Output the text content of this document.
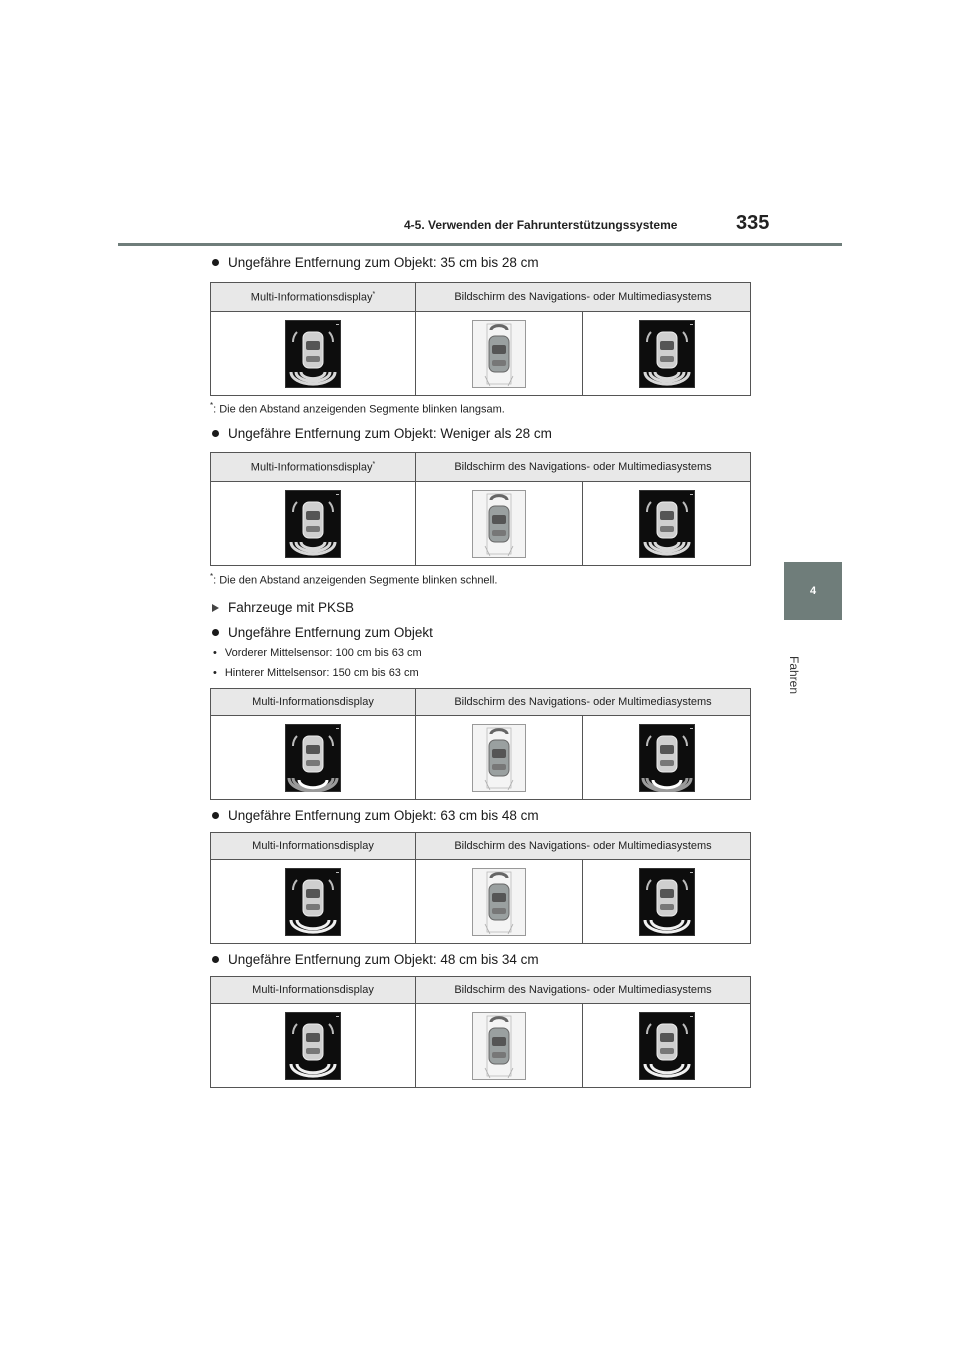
4-5. Verwenden der Fahrunterstützungssysteme	335
4
Fahren
Ungefähre Entfernung zum Objekt: 35 cm bis 28 cm
Multi-Informationsdisplay*	Bildschirm des Navigations- oder Multimediasystems	

*: Die den Abstand anzeigenden Segmente blinken langsam.
Ungefähre Entfernung zum Objekt: Weniger als 28 cm
Multi-Informationsdisplay*	Bildschirm des Navigations- oder Multimediasystems	

*: Die den Abstand anzeigenden Segmente blinken schnell.
Fahrzeuge mit PKSB
Ungefähre Entfernung zum Objekt
• Vorderer Mittelsensor: 100 cm bis 63 cm
• Hinterer Mittelsensor: 150 cm bis 63 cm
Multi-Informationsdisplay	Bildschirm des Navigations- oder Multimediasystems	

Ungefähre Entfernung zum Objekt: 63 cm bis 48 cm
Multi-Informationsdisplay	Bildschirm des Navigations- oder Multimediasystems	

Ungefähre Entfernung zum Objekt: 48 cm bis 34 cm
Multi-Informationsdisplay	Bildschirm des Navigations- oder Multimediasystems	
